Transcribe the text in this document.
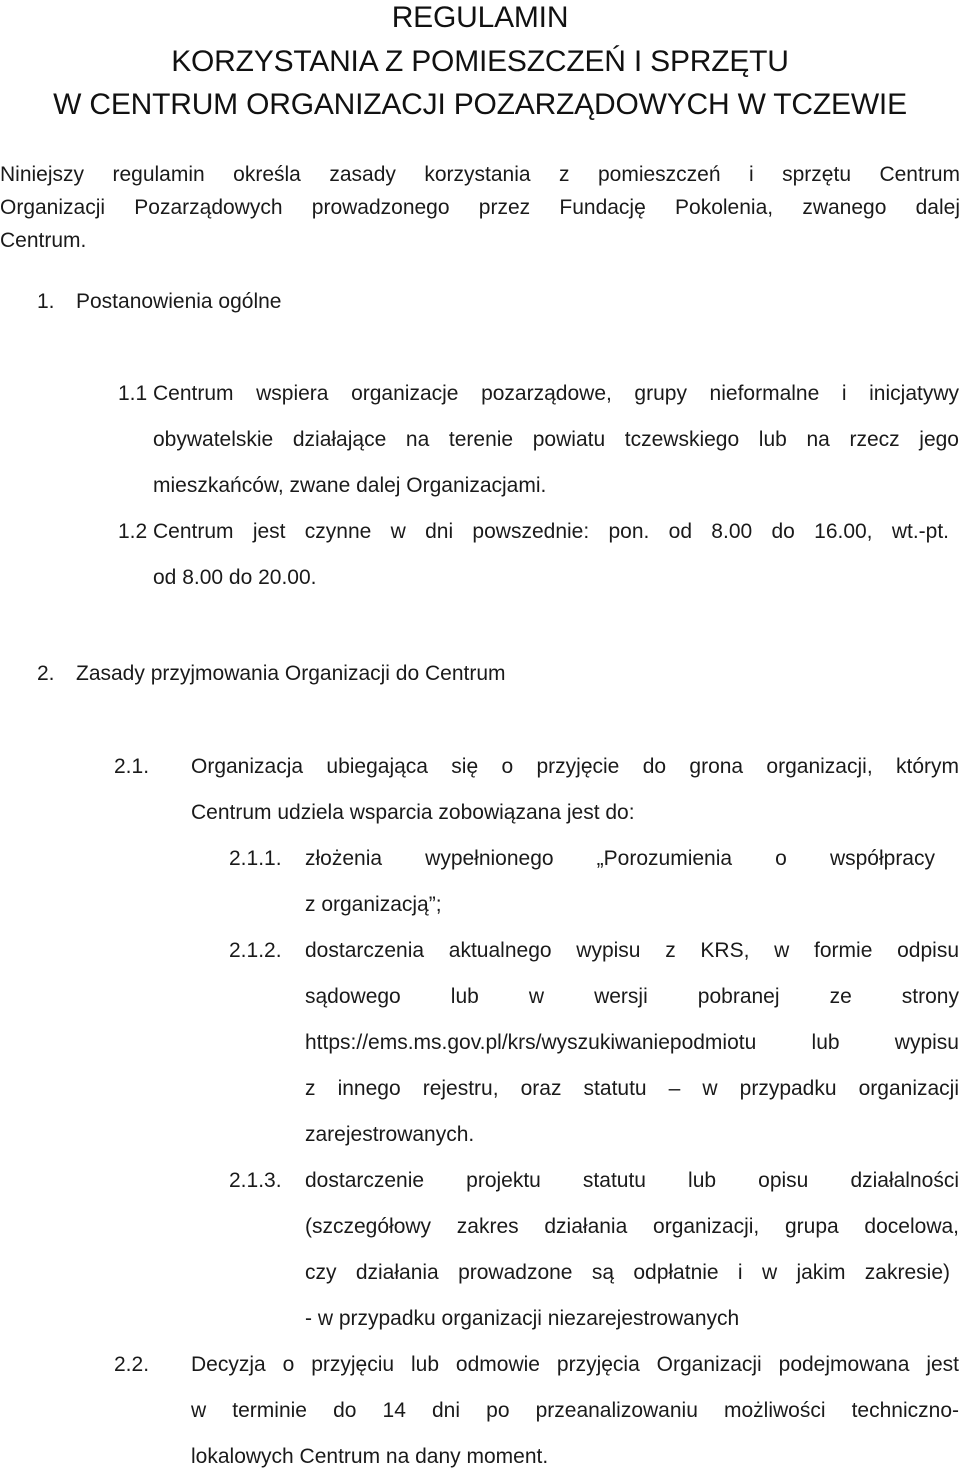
REGULAMIN
KORZYSTANIA Z POMIESZCZEŃ I SPRZĘTU
W CENTRUM ORGANIZACJI POZARZĄDOWYCH W TCZEWIE
Niniejszy regulamin określa zasady korzystania z pomieszczeń i sprzętu Centrum
Organizacji Pozarządowych prowadzonego przez Fundację Pokolenia, zwanego dalej
Centrum.
1. Postanowienia ogólne
1.1 Centrum wspiera organizacje pozarządowe, grupy nieformalne i inicjatywy
obywatelskie działające na terenie powiatu tczewskiego lub na rzecz jego
mieszkańców, zwane dalej Organizacjami.
1.2 Centrum jest czynne w dni powszednie: pon. od 8.00 do 16.00, wt.-pt.
od 8.00 do 20.00.
2. Zasady przyjmowania Organizacji do Centrum
2.1. Organizacja ubiegająca się o przyjęcie do grona organizacji, którym
Centrum udziela wsparcia zobowiązana jest do:
2.1.1. złożenia wypełnionego „Porozumienia o współpracy
z organizacją”;
2.1.2. dostarczenia aktualnego wypisu z KRS, w formie odpisu
sądowego lub w wersji pobranej ze strony
https://ems.ms.gov.pl/krs/wyszukiwaniepodmiotu lub wypisu
z innego rejestru, oraz statutu – w przypadku organizacji
zarejestrowanych.
2.1.3. dostarczenie projektu statutu lub opisu działalności
(szczegółowy zakres działania organizacji, grupa docelowa,
czy działania prowadzone są odpłatnie i w jakim zakresie)
- w przypadku organizacji niezarejestrowanych
2.2. Decyzja o przyjęciu lub odmowie przyjęcia Organizacji podejmowana jest
w terminie do 14 dni po przeanalizowaniu możliwości techniczno-
lokalowych Centrum na dany moment.
